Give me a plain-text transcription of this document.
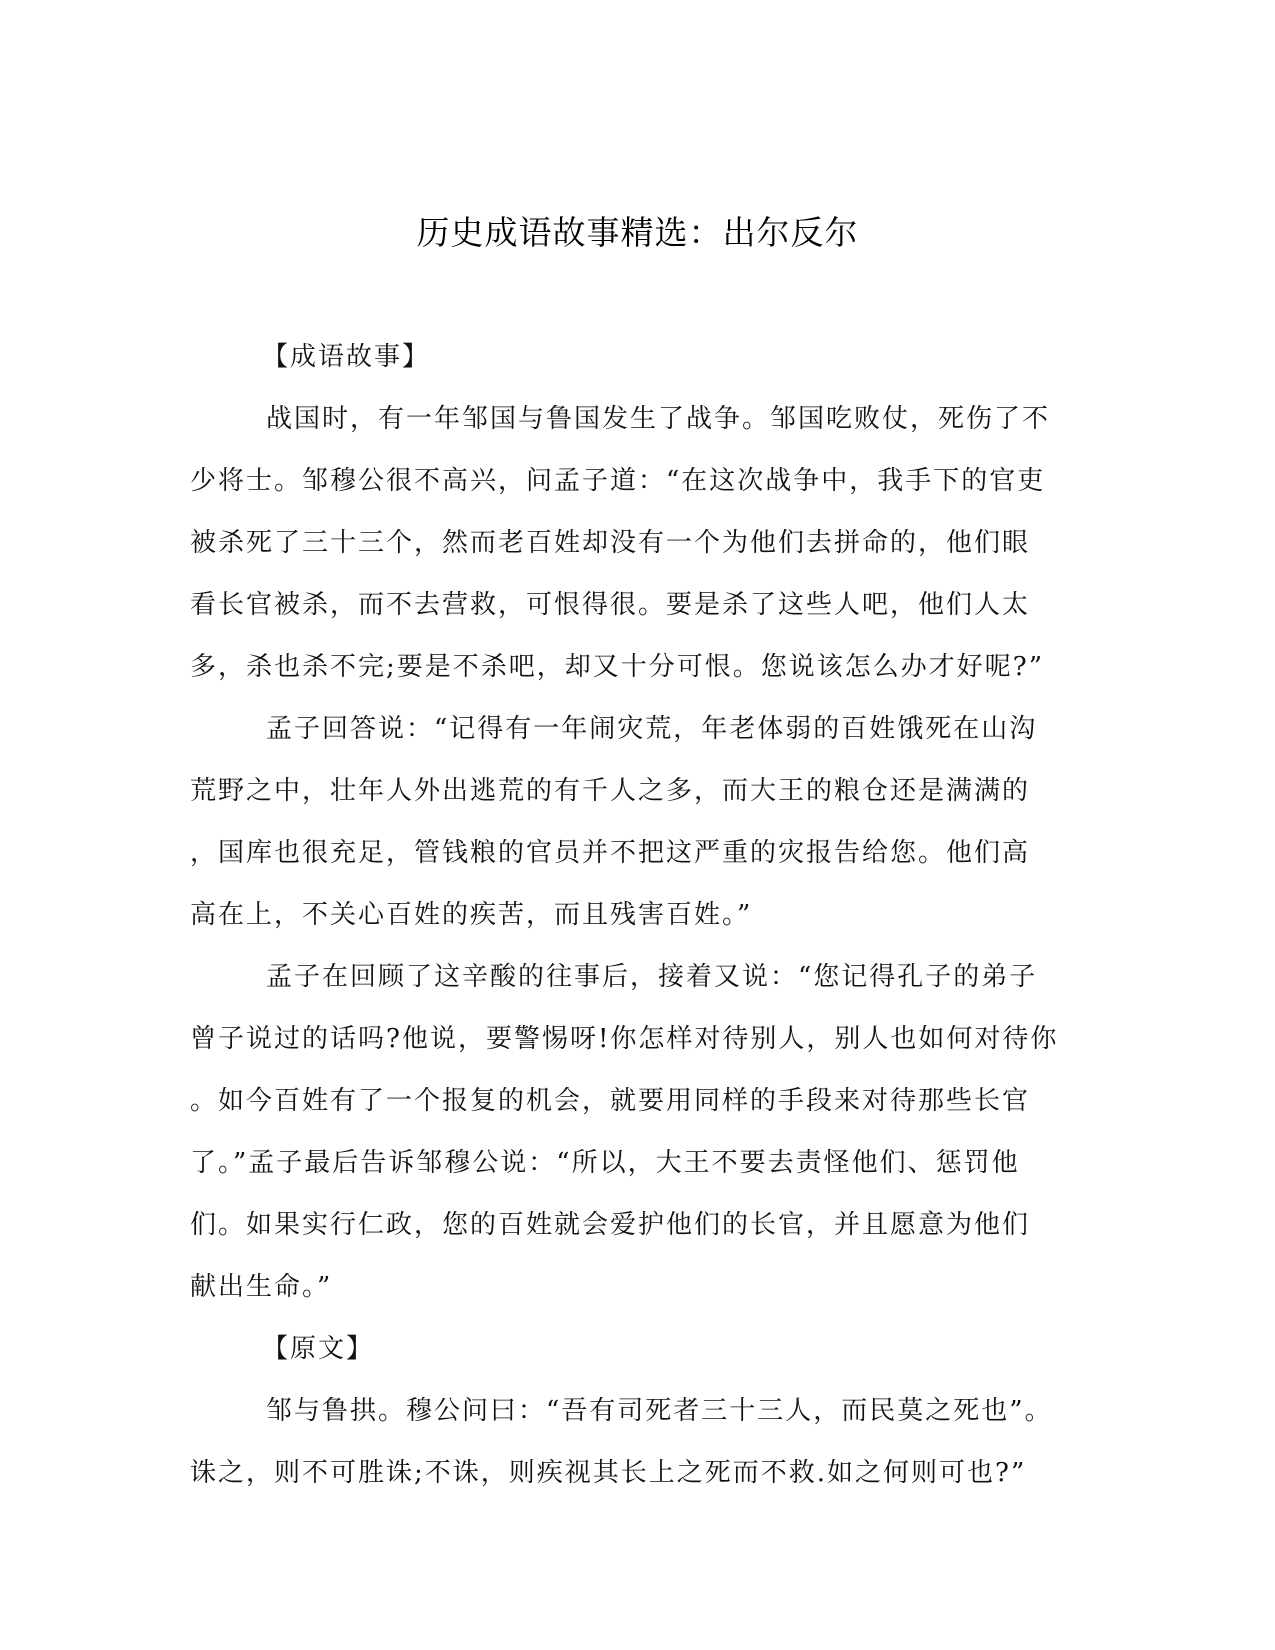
历史成语故事精选：出尔反尔

【成语故事】

战国时，有一年邹国与鲁国发生了战争。邹国吃败仗，死伤了不
少将士。邹穆公很不高兴，问孟子道：“在这次战争中，我手下的官吏
被杀死了三十三个，然而老百姓却没有一个为他们去拼命的，他们眼
看长官被杀，而不去营救，可恨得很。要是杀了这些人吧，他们人太
多，杀也杀不完;要是不杀吧，却又十分可恨。您说该怎么办才好呢?”

孟子回答说：“记得有一年闹灾荒，年老体弱的百姓饿死在山沟
荒野之中，壮年人外出逃荒的有千人之多，而大王的粮仓还是满满的
，国库也很充足，管钱粮的官员并不把这严重的灾报告给您。他们高
高在上，不关心百姓的疾苦，而且残害百姓。”

孟子在回顾了这辛酸的往事后，接着又说：“您记得孔子的弟子
曾子说过的话吗?他说，要警惕呀!你怎样对待别人，别人也如何对待你
。如今百姓有了一个报复的机会，就要用同样的手段来对待那些长官
了。”孟子最后告诉邹穆公说：“所以，大王不要去责怪他们、惩罚他
们。如果实行仁政，您的百姓就会爱护他们的长官，并且愿意为他们
献出生命。”

【原文】

邹与鲁拱。穆公问曰：“吾有司死者三十三人，而民莫之死也”。
诛之，则不可胜诛;不诛，则疾视其长上之死而不救.如之何则可也?”
